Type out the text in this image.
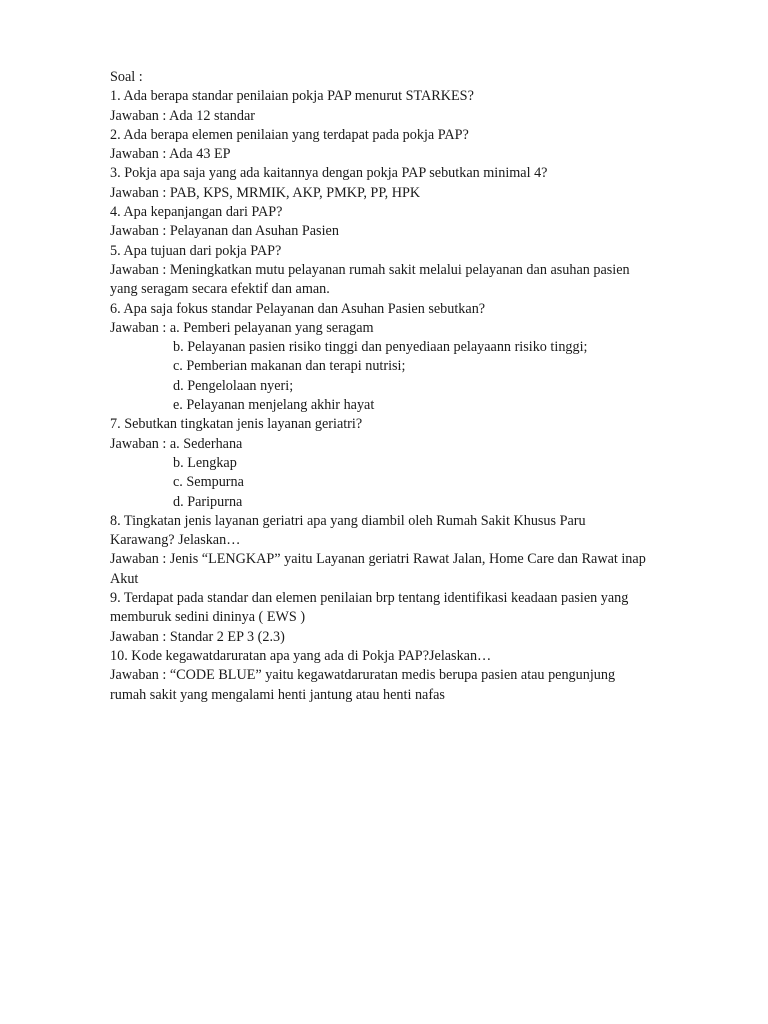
Soal :
1. Ada berapa standar penilaian pokja PAP menurut STARKES?
Jawaban : Ada 12 standar
2. Ada berapa elemen penilaian yang terdapat pada pokja PAP?
Jawaban : Ada 43 EP
3. Pokja apa saja yang ada kaitannya dengan pokja PAP sebutkan minimal 4?
Jawaban : PAB, KPS, MRMIK, AKP, PMKP, PP, HPK
4. Apa kepanjangan dari PAP?
Jawaban : Pelayanan dan Asuhan Pasien
5. Apa tujuan dari pokja PAP?
Jawaban : Meningkatkan mutu pelayanan rumah sakit melalui pelayanan dan asuhan pasien
yang seragam secara efektif dan aman.
6. Apa saja fokus standar Pelayanan dan Asuhan Pasien sebutkan?
Jawaban : a. Pemberi pelayanan yang seragam
b. Pelayanan pasien risiko tinggi dan penyediaan pelayaann risiko tinggi;
c. Pemberian makanan dan terapi nutrisi;
d. Pengelolaan nyeri;
e. Pelayanan menjelang akhir hayat
7. Sebutkan tingkatan jenis layanan geriatri?
Jawaban : a. Sederhana
b. Lengkap
c. Sempurna
d. Paripurna
8. Tingkatan jenis layanan geriatri apa yang diambil oleh Rumah Sakit Khusus Paru
Karawang? Jelaskan…
Jawaban : Jenis “LENGKAP” yaitu Layanan geriatri Rawat Jalan, Home Care dan Rawat inap
Akut
9. Terdapat pada standar dan elemen penilaian brp tentang identifikasi keadaan pasien yang
memburuk sedini dininya ( EWS )
Jawaban : Standar 2 EP 3 (2.3)
10. Kode kegawatdaruratan apa yang ada di Pokja PAP?Jelaskan…
Jawaban : “CODE BLUE” yaitu kegawatdaruratan medis berupa pasien atau pengunjung
rumah sakit yang mengalami henti jantung atau henti nafas
